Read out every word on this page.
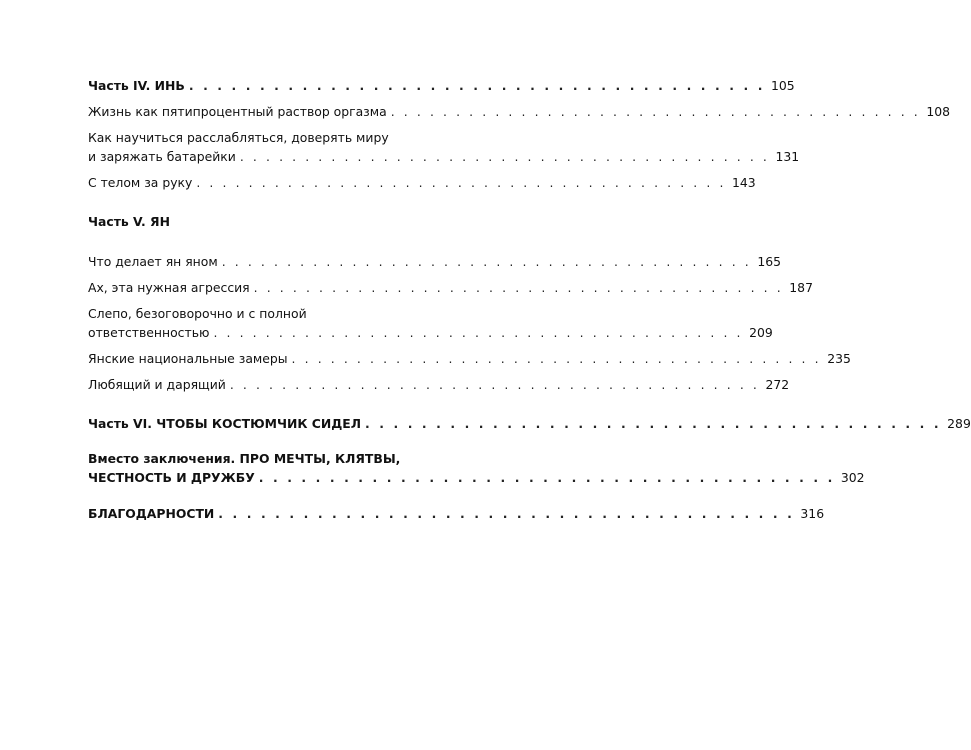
Часть IV. ИНЬ . . . . . . . . . . . . . . . . . . . . . . . . . . . . . . . . . . . . . . . . . 105
Жизнь как пятипроцентный раствор оргазма . . . . . . . . . . . . . . . . . . . . . . . . . . . . . . . . . . . . . . . . . 108
Как научиться расслабляться, доверять миру
и заряжать батарейки . . . . . . . . . . . . . . . . . . . . . . . . . . . . . . . . . . . . . . . . . 131
С телом за руку . . . . . . . . . . . . . . . . . . . . . . . . . . . . . . . . . . . . . . . . . 143
Часть V. ЯН
Что делает ян яном . . . . . . . . . . . . . . . . . . . . . . . . . . . . . . . . . . . . . . . . . 165
Ах, эта нужная агрессия . . . . . . . . . . . . . . . . . . . . . . . . . . . . . . . . . . . . . . . . . 187
Слепо, безоговорочно и с полной
ответственностью . . . . . . . . . . . . . . . . . . . . . . . . . . . . . . . . . . . . . . . . . 209
Янские национальные замеры . . . . . . . . . . . . . . . . . . . . . . . . . . . . . . . . . . . . . . . . . 235
Любящий и дарящий . . . . . . . . . . . . . . . . . . . . . . . . . . . . . . . . . . . . . . . . . 272
Часть VI. ЧТОБЫ КОСТЮМЧИК СИДЕЛ . . . . . . . . . . . . . . . . . . . . . . . . . . . . . . . . . . . . . . . . . 289
Вместо заключения. ПРО МЕЧТЫ, КЛЯТВЫ,
ЧЕСТНОСТЬ И ДРУЖБУ . . . . . . . . . . . . . . . . . . . . . . . . . . . . . . . . . . . . . . . . . 302
БЛАГОДАРНОСТИ . . . . . . . . . . . . . . . . . . . . . . . . . . . . . . . . . . . . . . . . . 316
